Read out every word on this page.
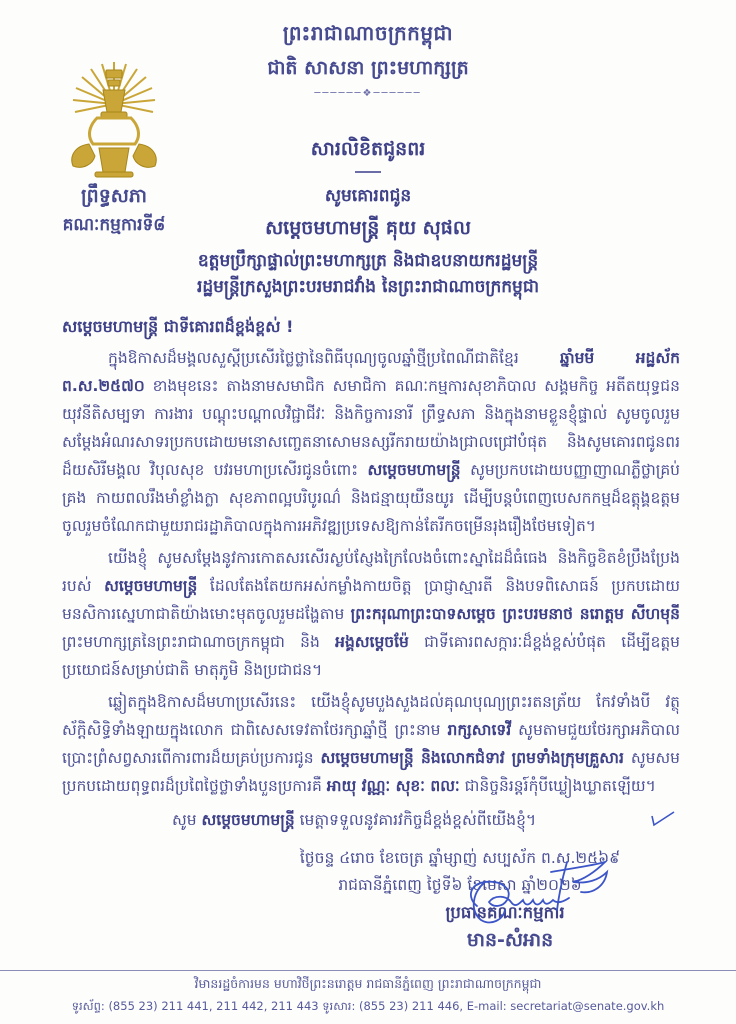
ព្រះរាជាណាចក្រកម្ពុជា
ជាតិ សាសនា ព្រះមហាក្សត្រ
──────❖──────
ព្រឹទ្ធសភា
គណៈកម្មការទី៨
សារលិខិតជូនពរ
សូមគោរពជូន
សម្ដេចមហាមន្ត្រី គុយ សុផល
ឧត្ដមប្រឹក្សាផ្ទាល់ព្រះមហាក្សត្រ និងជាឧបនាយករដ្ឋមន្ត្រី
រដ្ឋមន្ត្រីក្រសួងព្រះបរមរាជវាំង នៃព្រះរាជាណាចក្រកម្ពុជា
សម្ដេចមហាមន្ត្រី ជាទីគោរពដ៏ខ្ពង់ខ្ពស់ !

ក្នុងឱកាសដ៏មង្គលសួស្ដីប្រសើរថ្លៃថ្លានៃពិធីបុណ្យចូលឆ្នាំថ្មីប្រពៃណីជាតិខ្មែរ ឆ្នាំមមី អដ្ឋស័ក ព.ស.២៥៧០ ខាងមុខនេះ តាងនាមសមាជិក សមាជិកា គណៈកម្មការសុខាភិបាល សង្គមកិច្ច អតីតយុទ្ធជន យុវនីតិសម្បទា ការងារ បណ្ដុះបណ្ដាលវិជ្ជាជីវៈ និងកិច្ចការនារី ព្រឹទ្ធសភា និងក្នុងនាមខ្លួនខ្ញុំផ្ទាល់ សូមចូលរួមសម្ដែងអំណរសាទរប្រកបដោយមនោសញ្ចេតនាសោមនស្សរីករាយយ៉ាងជ្រាលជ្រៅបំផុត និងសូមគោរពជូនពរដ៏យសិរីមង្គល វិបុលសុខ បវរមហាប្រសើរជូនចំពោះ សម្ដេចមហាមន្ត្រី សូមប្រកបដោយបញ្ញាញាណភ្លឺថ្លាគ្រប់គ្រង កាយពលរឹងមាំខ្លាំងក្លា សុខភាពល្អបរិបូរណ៌ និងជន្មាយុយឺនយូរ ដើម្បីបន្តបំពេញបេសកកម្មដ៏ឧត្ដុង្គឧត្ដមចូលរួមចំណែកជាមួយរាជរដ្ឋាភិបាលក្នុងការអភិវឌ្ឍប្រទេសឱ្យកាន់តែរីកចម្រើនរុងរឿងថែមទៀត។

យើងខ្ញុំ សូមសម្ដែងនូវការកោតសរសើរស្ងប់ស្ញែងក្រៃលែងចំពោះស្នាដៃដ៏ធំធេង និងកិច្ចខិតខំប្រឹងប្រែងរបស់ សម្ដេចមហាមន្ត្រី ដែលតែងតែយកអស់កម្លាំងកាយចិត្ត ប្រាជ្ញាស្មារតី និងបទពិសោធន៍ ប្រកបដោយមនសិការស្នេហាជាតិយ៉ាងមោះមុតចូលរួមដង្ហែតាម ព្រះករុណាព្រះបាទសម្ដេច ព្រះបរមនាថ នរោត្ដម សីហមុនី ព្រះមហាក្សត្រនៃព្រះរាជាណាចក្រកម្ពុជា និង អង្គសម្ដេចម៉ែ ជាទីគោរពសក្ការៈដ៏ខ្ពង់ខ្ពស់បំផុត ដើម្បីឧត្ដមប្រយោជន៍សម្រាប់ជាតិ មាតុភូមិ និងប្រជាជន។

ឆ្លៀតក្នុងឱកាសដ៏មហាប្រសើរនេះ យើងខ្ញុំសូមបួងសួងដល់គុណបុណ្យព្រះរតនត្រ័យ កែវទាំងបី វត្ថុស័ក្ដិសិទ្ធិទាំងឡាយក្នុងលោក ជាពិសេសទេវតាថែរក្សាឆ្នាំថ្មី ព្រះនាម រាក្សសាទេវី សូមតាមជួយថែរក្សាអភិបាលប្រោះព្រំសព្វសារពើការពារដ៏យគ្រប់ប្រការជូន សម្ដេចមហាមន្ត្រី និងលោកជំទាវ ព្រមទាំងក្រុមគ្រួសារ សូមសមប្រកបដោយពុទ្ធពរដ៏ប្រពៃថ្លៃថ្លាទាំងបួនប្រការគឺ អាយុ វណ្ណៈ សុខៈ ពលៈ ជានិច្ចនិរន្តរ៍កុំបីឃ្លៀងឃ្លាតឡើយ។

សូម សម្ដេចមហាមន្ត្រី មេត្ដាទទួលនូវគារវកិច្ចដ៏ខ្ពង់ខ្ពស់ពីយើងខ្ញុំ។
ថ្ងៃចន្ទ ៤រោច ខែចេត្រ ឆ្នាំម្សាញ់ សប្បស័ក ព.ស.២៥៦៩
រាជធានីភ្នំពេញ ថ្ងៃទី៦ ខែមេសា ឆ្នាំ២០២៦
ប្រធានគណៈកម្មការ
មាន-សំអាន
វិមានរដ្ឋចំការមន មហាវិថីព្រះនរោត្ដម រាជធានីភ្នំពេញ ព្រះរាជាណាចក្រកម្ពុជា
ទូរស័ព្ទ: (855 23) 211 441, 211 442, 211 443 ទូរសារ: (855 23) 211 446, E-mail: secretariat@senate.gov.kh
